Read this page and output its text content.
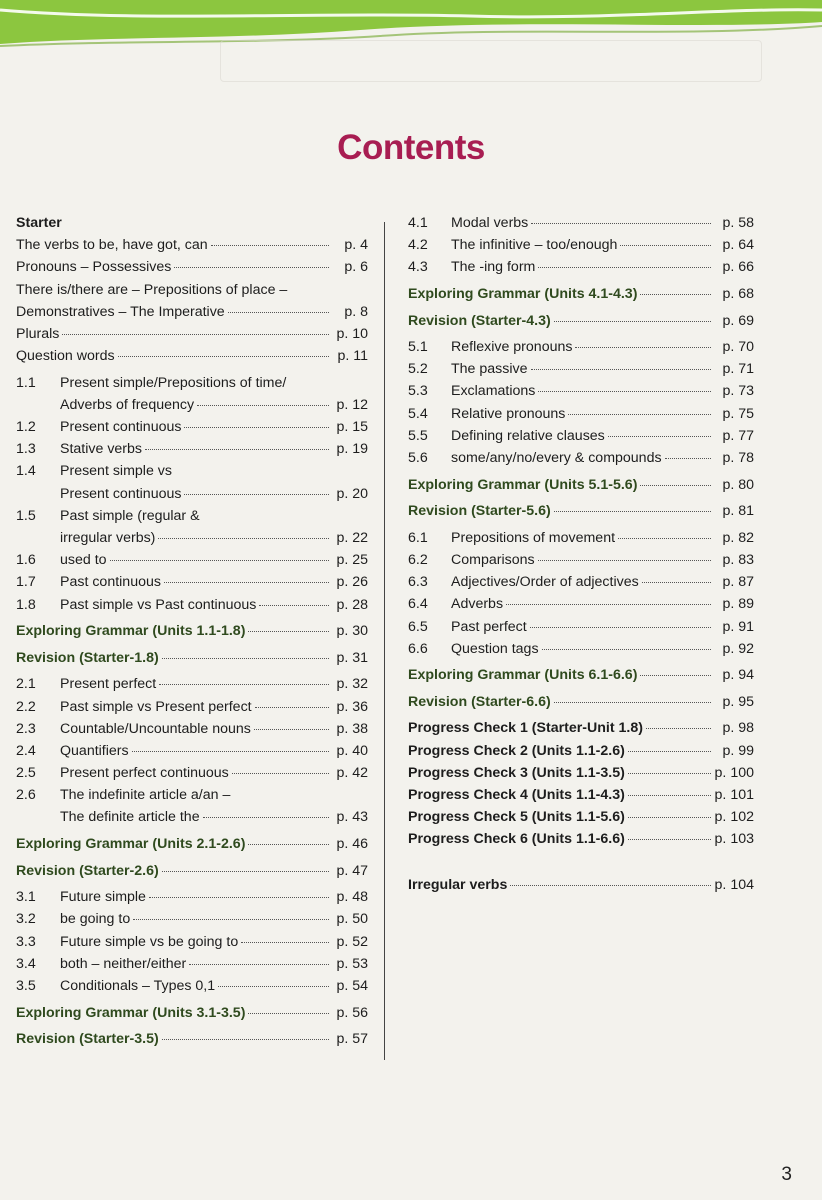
Contents
Starter
The verbs to be, have got, can	p. 4
Pronouns – Possessives	p. 6
There is/there are – Prepositions of place –
Demonstratives – The Imperative	p. 8
Plurals	p. 10
Question words	p. 11
1.1	Present simple/Prepositions of time/
Adverbs of frequency	p. 12
1.2	Present continuous	p. 15
1.3	Stative verbs	p. 19
1.4	Present simple vs
Present continuous	p. 20
1.5	Past simple (regular &
irregular verbs)	p. 22
1.6	used to	p. 25
1.7	Past continuous	p. 26
1.8	Past simple vs Past continuous	p. 28
Exploring Grammar (Units 1.1-1.8)	p. 30
Revision (Starter-1.8)	p. 31
2.1	Present perfect	p. 32
2.2	Past simple vs Present perfect	p. 36
2.3	Countable/Uncountable nouns	p. 38
2.4	Quantifiers	p. 40
2.5	Present perfect continuous	p. 42
2.6	The indefinite article a/an –
The definite article the	p. 43
Exploring Grammar (Units 2.1-2.6)	p. 46
Revision (Starter-2.6)	p. 47
3.1	Future simple	p. 48
3.2	be going to	p. 50
3.3	Future simple vs be going to	p. 52
3.4	both – neither/either	p. 53
3.5	Conditionals – Types 0,1	p. 54
Exploring Grammar (Units 3.1-3.5)	p. 56
Revision (Starter-3.5)	p. 57
4.1	Modal verbs	p. 58
4.2	The infinitive – too/enough	p. 64
4.3	The -ing form	p. 66
Exploring Grammar (Units 4.1-4.3)	p. 68
Revision (Starter-4.3)	p. 69
5.1	Reflexive pronouns	p. 70
5.2	The passive	p. 71
5.3	Exclamations	p. 73
5.4	Relative pronouns	p. 75
5.5	Defining relative clauses	p. 77
5.6	some/any/no/every & compounds	p. 78
Exploring Grammar (Units 5.1-5.6)	p. 80
Revision (Starter-5.6)	p. 81
6.1	Prepositions of movement	p. 82
6.2	Comparisons	p. 83
6.3	Adjectives/Order of adjectives	p. 87
6.4	Adverbs	p. 89
6.5	Past perfect	p. 91
6.6	Question tags	p. 92
Exploring Grammar (Units 6.1-6.6)	p. 94
Revision (Starter-6.6)	p. 95
Progress Check 1 (Starter-Unit 1.8)	p. 98
Progress Check 2 (Units 1.1-2.6)	p. 99
Progress Check 3 (Units 1.1-3.5)	p. 100
Progress Check 4 (Units 1.1-4.3)	p. 101
Progress Check 5 (Units 1.1-5.6)	p. 102
Progress Check 6 (Units 1.1-6.6)	p. 103
Irregular verbs	p. 104
3
